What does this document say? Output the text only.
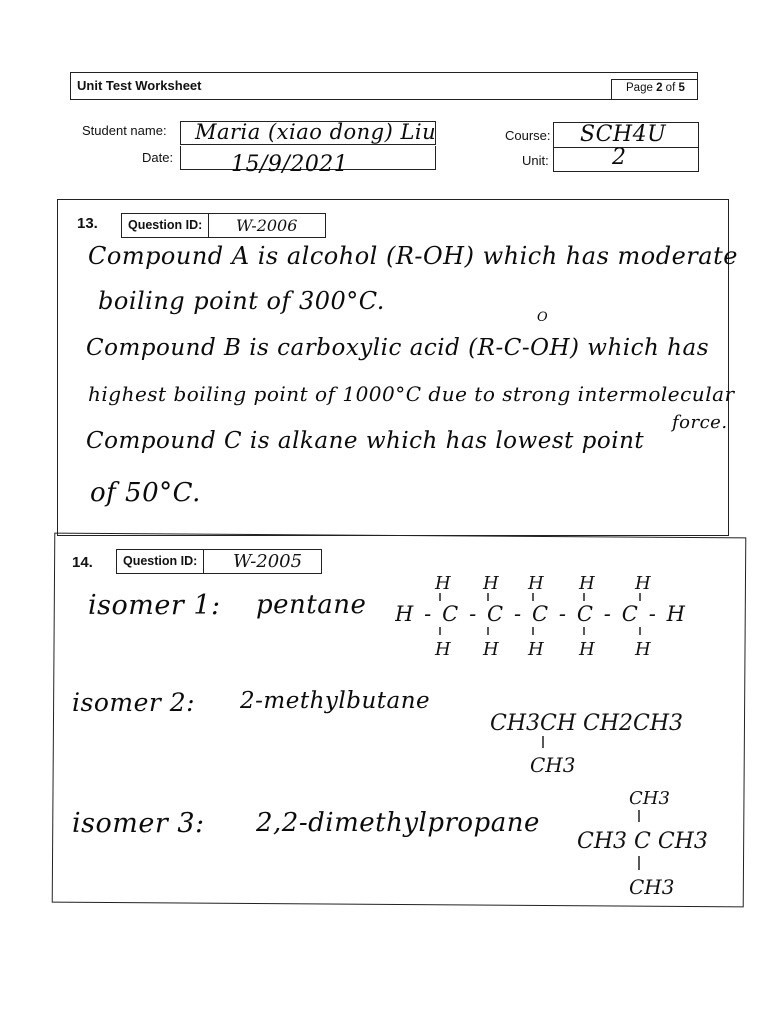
Unit Test Worksheet	Page 2 of 5
Student name: Maria (xiao dong) Liu
Date:	15/9/2021
Course: SCH4U
Unit:	2
13.	Question ID:	W-2006
Compound A is alcohol (R-OH) which has moderate
boiling point of 300°C.
O
Compound B is carboxylic acid (R-C-OH) which has
highest boiling point of 1000°C due to strong intermolecular
Compound C is alkane which has lowest point
force.
of 50°C.
14.	Question ID:	W-2005
isomer 1: pentane
isomer 2: 2-methylbutane
isomer 3: 2,2-dimethylpropane
H H H H H
H-C-C-C-C-C-H
H H H H H
CH3CH CH2CH3
CH3
CH3
CH3 C CH3
CH3
